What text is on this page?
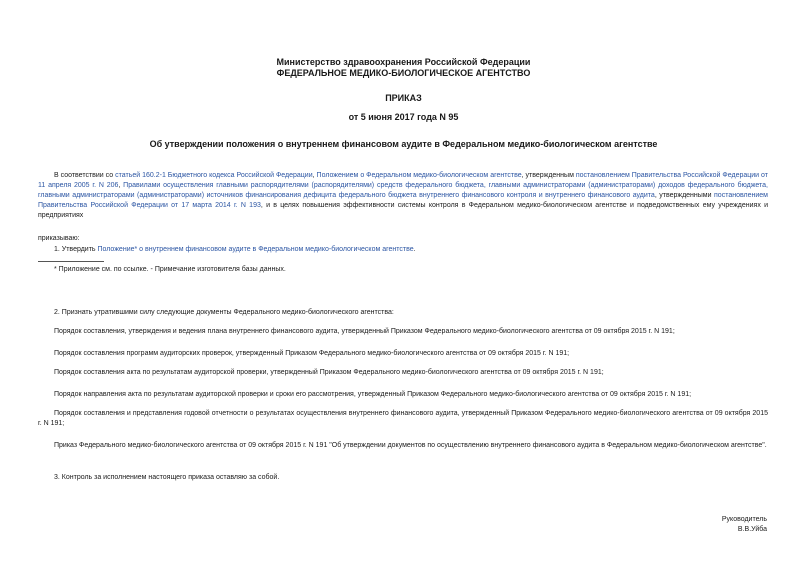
Министерство здравоохранения Российской Федерации
ФЕДЕРАЛЬНОЕ МЕДИКО-БИОЛОГИЧЕСКОЕ АГЕНТСТВО
ПРИКАЗ
от 5 июня 2017 года N 95
Об утверждении положения о внутреннем финансовом аудите в Федеральном медико-биологическом агентстве
В соответствии со статьей 160.2-1 Бюджетного кодекса Российской Федерации, Положением о Федеральном медико-биологическом агентстве, утвержденным постановлением Правительства Российской Федерации от 11 апреля 2005 г. N 206, Правилами осуществления главными распорядителями (распорядителями) средств федерального бюджета, главными администраторами (администраторами) доходов федерального бюджета, главными администраторами (администраторами) источников финансирования дефицита федерального бюджета внутреннего финансового контроля и внутреннего финансового аудита, утвержденными постановлением Правительства Российской Федерации от 17 марта 2014 г. N 193, и в целях повышения эффективности системы контроля в Федеральном медико-биологическом агентстве и подведомственных ему учреждениях и предприятиях
приказываю:
1. Утвердить Положение* о внутреннем финансовом аудите в Федеральном медико-биологическом агентстве.
* Приложение см. по ссылке. - Примечание изготовителя базы данных.
2. Признать утратившими силу следующие документы Федерального медико-биологического агентства:
Порядок составления, утверждения и ведения плана внутреннего финансового аудита, утвержденный Приказом Федерального медико-биологического агентства от 09 октября 2015 г. N 191;
Порядок составления программ аудиторских проверок, утвержденный Приказом Федерального медико-биологического агентства от 09 октября 2015 г. N 191;
Порядок составления акта по результатам аудиторской проверки, утвержденный Приказом Федерального медико-биологического агентства от 09 октября 2015 г. N 191;
Порядок направления акта по результатам аудиторской проверки и сроки его рассмотрения, утвержденный Приказом Федерального медико-биологического агентства от 09 октября 2015 г. N 191;
Порядок составления и представления годовой отчетности о результатах осуществления внутреннего финансового аудита, утвержденный Приказом Федерального медико-биологического агентства от 09 октября 2015 г. N 191;
Приказ Федерального медико-биологического агентства от 09 октября 2015 г. N 191 "Об утверждении документов по осуществлению внутреннего финансового аудита в Федеральном медико-биологическом агентстве".
3. Контроль за исполнением настоящего приказа оставляю за собой.
Руководитель
В.В.Уйба
